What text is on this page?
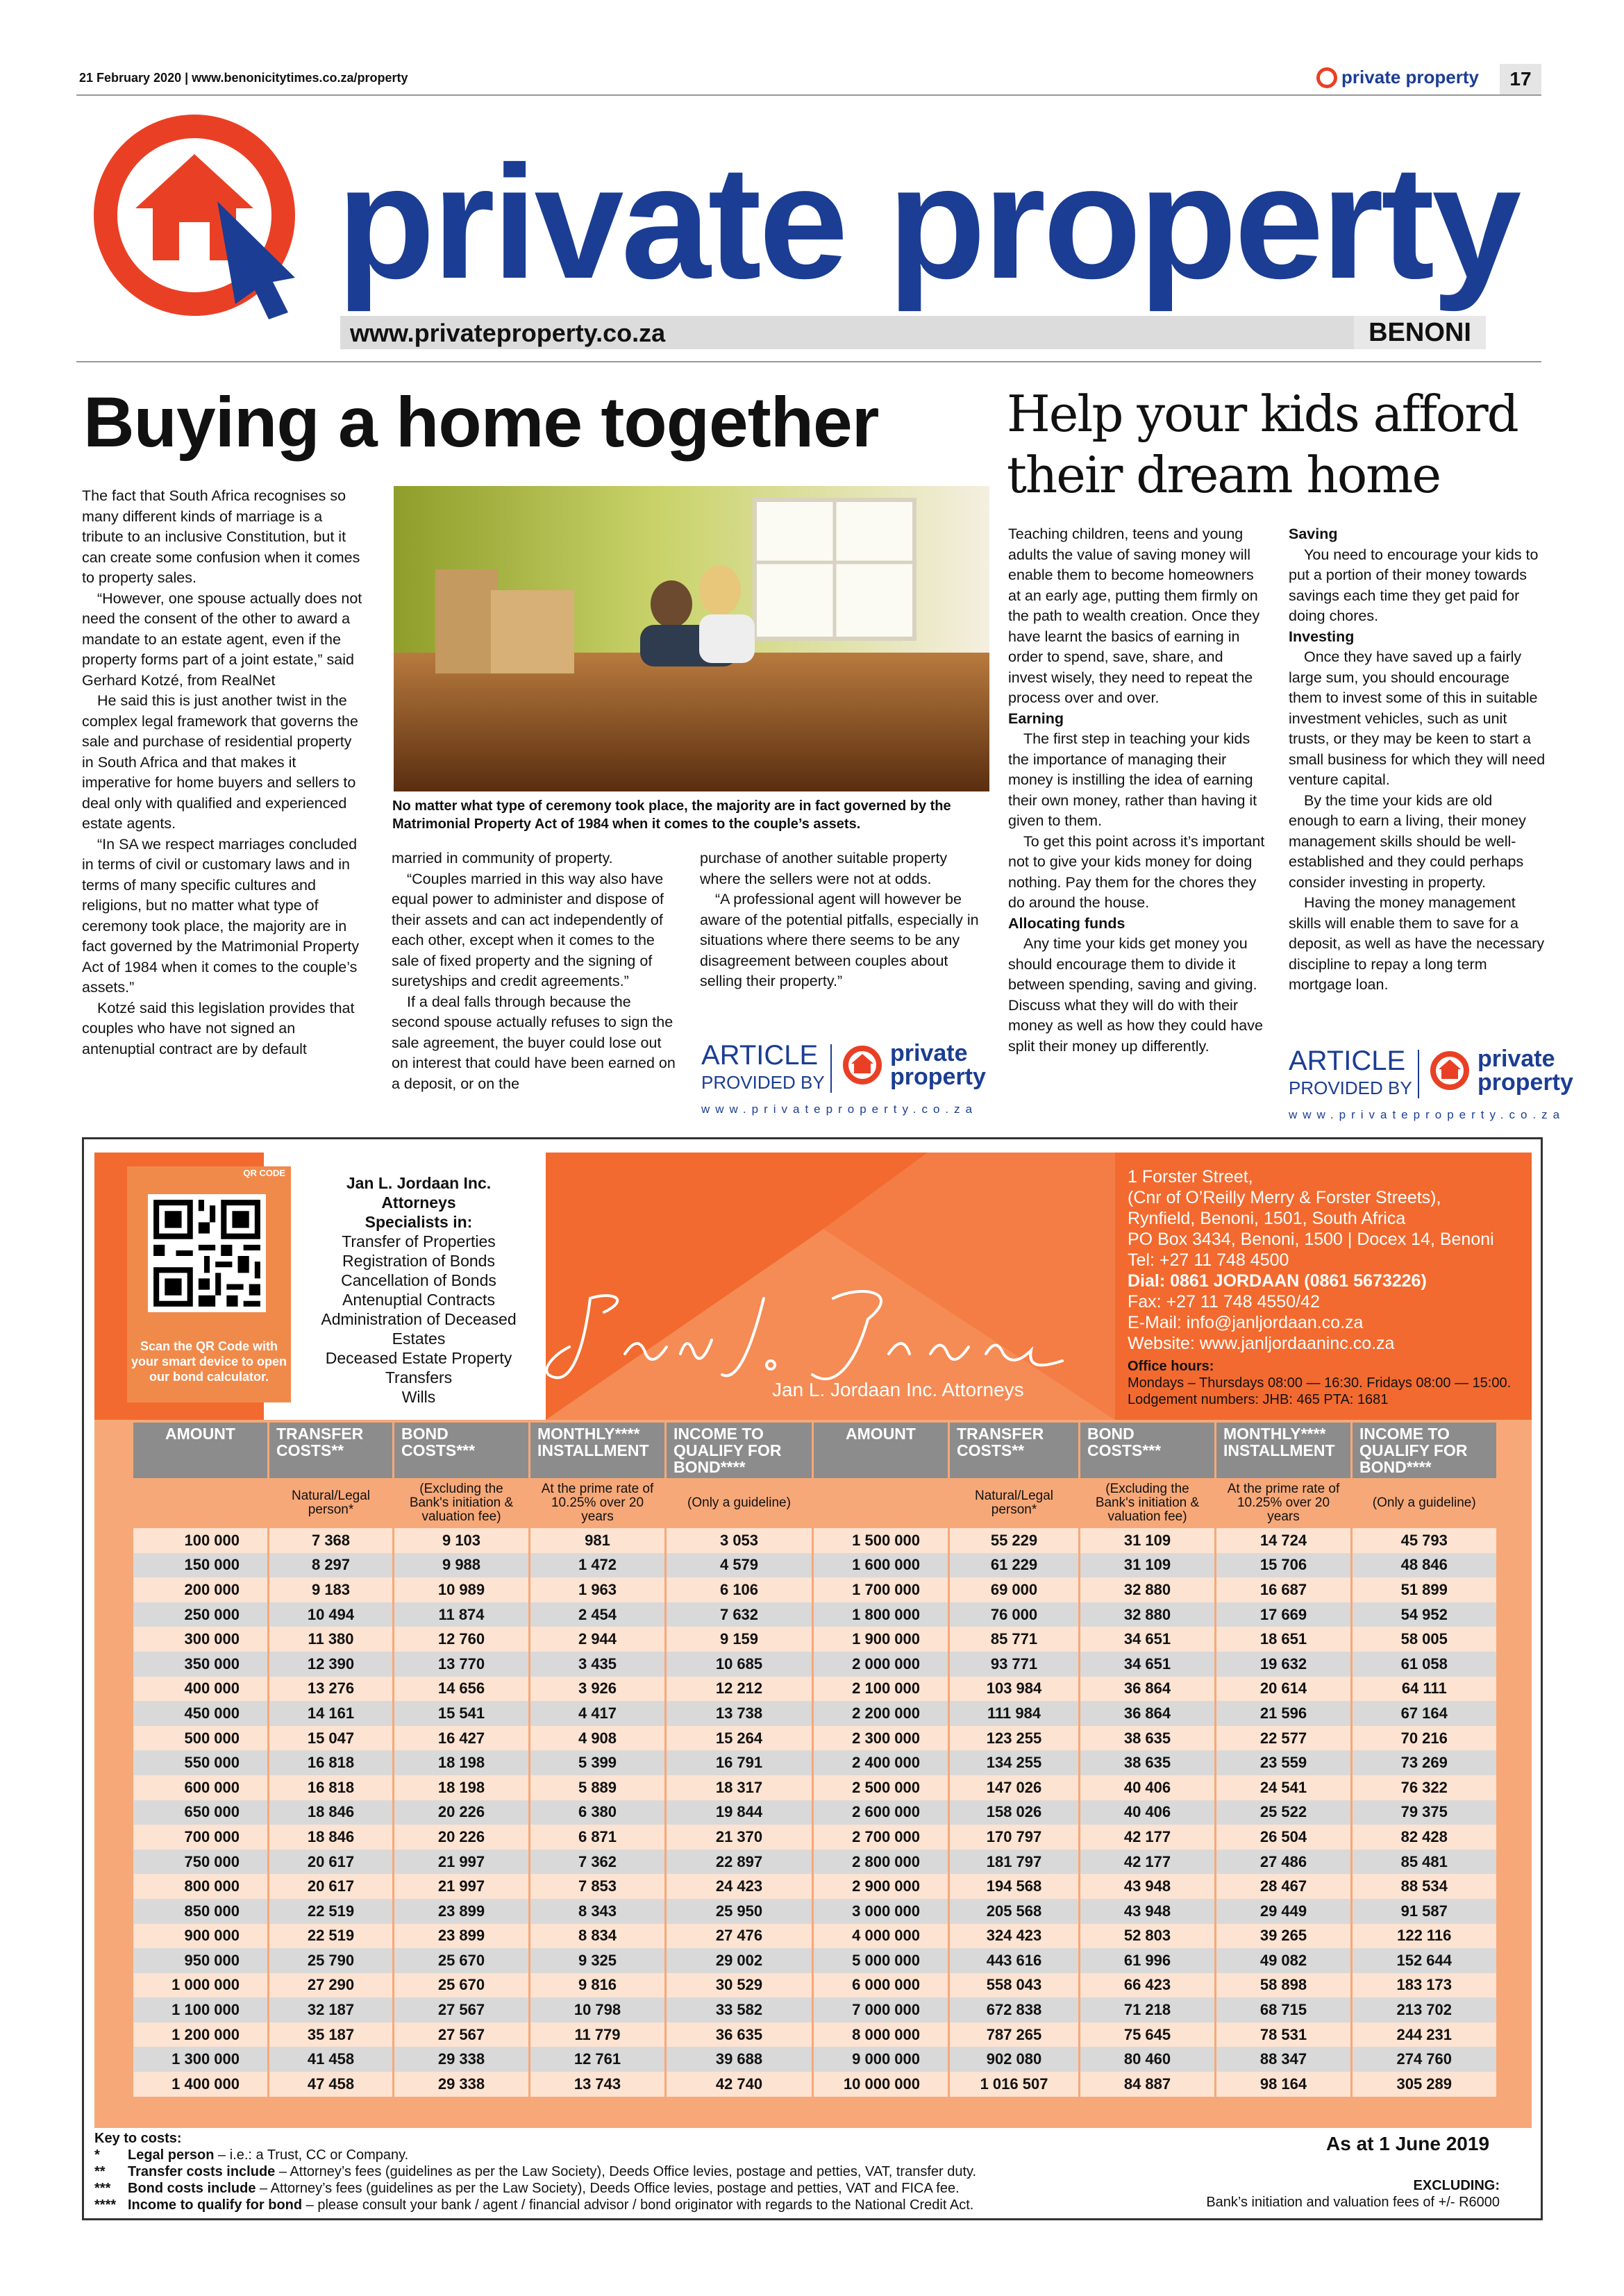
21 February 2020 | www.benonicitytimes.co.za/property	private property	17
private property
www.privateproperty.co.za	BENONI
Buying a home together

The fact that South Africa recognises so many different kinds of marriage is a tribute to an inclusive Constitution, but it can create some confusion when it comes to property sales.

“However, one spouse actually does not need the consent of the other to award a mandate to an estate agent, even if the property forms part of a joint estate,” said Gerhard Kotzé, from RealNet

He said this is just another twist in the complex legal framework that governs the sale and purchase of residential property in South Africa and that makes it imperative for home buyers and sellers to deal only with qualified and experienced estate agents.

“In SA we respect marriages concluded in terms of civil or customary laws and in terms of many specific cultures and religions, but no matter what type of ceremony took place, the majority are in fact governed by the Matrimonial Property Act of 1984 when it comes to the couple’s assets.”

Kotzé said this legislation provides that couples who have not signed an antenuptial contract are by default

No matter what type of ceremony took place, the majority are in fact governed by the Matrimonial Property Act of 1984 when it comes to the couple’s assets.

married in community of property.

“Couples married in this way also have equal power to administer and dispose of their assets and can act independently of each other, except when it comes to the sale of fixed property and the signing of suretyships and credit agreements.”

If a deal falls through because the second spouse actually refuses to sign the sale agreement, the buyer could lose out on interest that could have been earned on a deposit, or on the

purchase of another suitable property where the sellers were not at odds.

“A professional agent will however be aware of the potential pitfalls, especially in situations where there seems to be any disagreement between couples about selling their property.”

ARTICLE
PROVIDED BY
private
property
www.privateproperty.co.za
Help your kids afford their dream home

Teaching children, teens and young adults the value of saving money will enable them to become homeowners at an early age, putting them firmly on the path to wealth creation. Once they have learnt the basics of earning in order to spend, save, share, and invest wisely, they need to repeat the process over and over.

Earning

The first step in teaching your kids the importance of managing their money is instilling the idea of earning their own money, rather than having it given to them.

To get this point across it’s important not to give your kids money for doing nothing. Pay them for the chores they do around the house.

Allocating funds

Any time your kids get money you should encourage them to divide it between spending, saving and giving. Discuss what they will do with their money as well as how they could have split their money up differently.

Saving

You need to encourage your kids to put a portion of their money towards savings each time they get paid for doing chores.

Investing

Once they have saved up a fairly large sum, you should encourage them to invest some of this in suitable investment vehicles, such as unit trusts, or they may be keen to start a small business for which they will need venture capital.

By the time your kids are old enough to earn a living, their money management skills should be well-established and they could perhaps consider investing in property.

Having the money management skills will enable them to save for a deposit, as well as have the necessary discipline to repay a long term mortgage loan.

ARTICLE
PROVIDED BY
private
property
www.privateproperty.co.za
QR CODE
Scan the QR Code with your smart device to open our bond calculator.
Jan L. Jordaan Inc.
Attorneys
Specialists in:
Transfer of Properties
Registration of Bonds
Cancellation of Bonds
Antenuptial Contracts
Administration of Deceased Estates
Deceased Estate Property Transfers
Wills
Jan L. Jordaan
Jan L. Jordaan Inc. Attorneys
1 Forster Street,
(Cnr of O’Reilly Merry & Forster Streets),
Rynfield, Benoni, 1501, South Africa
PO Box 3434, Benoni, 1500 | Docex 14, Benoni
Tel: +27 11 748 4500
Dial: 0861 JORDAAN (0861 5673226)
Fax: +27 11 748 4550/42
E-Mail: info@janljordaan.co.za
Website: www.janljordaaninc.co.za
Office hours:
Mondays – Thursdays 08:00 — 16:30. Fridays 08:00 — 15:00.
Lodgement numbers: JHB: 465 PTA: 1681
AMOUNT	TRANSFER COSTS**	BOND COSTS***	MONTHLY**** INSTALLMENT	INCOME TO QUALIFY FOR BOND****	AMOUNT	TRANSFER COSTS**	BOND COSTS***	MONTHLY**** INSTALLMENT	INCOME TO QUALIFY FOR BOND****
	Natural/Legal person*	(Excluding the Bank's initiation & valuation fee)	At the prime rate of 10.25% over 20 years	(Only a guideline)		Natural/Legal person*	(Excluding the Bank's initiation & valuation fee)	At the prime rate of 10.25% over 20 years	(Only a guideline)
100 000	7 368	9 103	981	3 053	1 500 000	55 229	31 109	14 724	45 793
150 000	8 297	9 988	1 472	4 579	1 600 000	61 229	31 109	15 706	48 846
200 000	9 183	10 989	1 963	6 106	1 700 000	69 000	32 880	16 687	51 899
250 000	10 494	11 874	2 454	7 632	1 800 000	76 000	32 880	17 669	54 952
300 000	11 380	12 760	2 944	9 159	1 900 000	85 771	34 651	18 651	58 005
350 000	12 390	13 770	3 435	10 685	2 000 000	93 771	34 651	19 632	61 058
400 000	13 276	14 656	3 926	12 212	2 100 000	103 984	36 864	20 614	64 111
450 000	14 161	15 541	4 417	13 738	2 200 000	111 984	36 864	21 596	67 164
500 000	15 047	16 427	4 908	15 264	2 300 000	123 255	38 635	22 577	70 216
550 000	16 818	18 198	5 399	16 791	2 400 000	134 255	38 635	23 559	73 269
600 000	16 818	18 198	5 889	18 317	2 500 000	147 026	40 406	24 541	76 322
650 000	18 846	20 226	6 380	19 844	2 600 000	158 026	40 406	25 522	79 375
700 000	18 846	20 226	6 871	21 370	2 700 000	170 797	42 177	26 504	82 428
750 000	20 617	21 997	7 362	22 897	2 800 000	181 797	42 177	27 486	85 481
800 000	20 617	21 997	7 853	24 423	2 900 000	194 568	43 948	28 467	88 534
850 000	22 519	23 899	8 343	25 950	3 000 000	205 568	43 948	29 449	91 587
900 000	22 519	23 899	8 834	27 476	4 000 000	324 423	52 803	39 265	122 116
950 000	25 790	25 670	9 325	29 002	5 000 000	443 616	61 996	49 082	152 644
1 000 000	27 290	25 670	9 816	30 529	6 000 000	558 043	66 423	58 898	183 173
1 100 000	32 187	27 567	10 798	33 582	7 000 000	672 838	71 218	68 715	213 702
1 200 000	35 187	27 567	11 779	36 635	8 000 000	787 265	75 645	78 531	244 231
1 300 000	41 458	29 338	12 761	39 688	9 000 000	902 080	80 460	88 347	274 760
1 400 000	47 458	29 338	13 743	42 740	10 000 000	1 016 507	84 887	98 164	305 289
Key to costs:
*	Legal person – i.e.: a Trust, CC or Company.
**	Transfer costs include – Attorney’s fees (guidelines as per the Law Society), Deeds Office levies, postage and petties, VAT, transfer duty.
***	Bond costs include – Attorney’s fees (guidelines as per the Law Society), Deeds Office levies, postage and petties, VAT and FICA fee.
**** Income to qualify for bond – please consult your bank / agent / financial advisor / bond originator with regards to the National Credit Act.
As at 1 June 2019
EXCLUDING:
Bank’s initiation and valuation fees of +/- R6000
